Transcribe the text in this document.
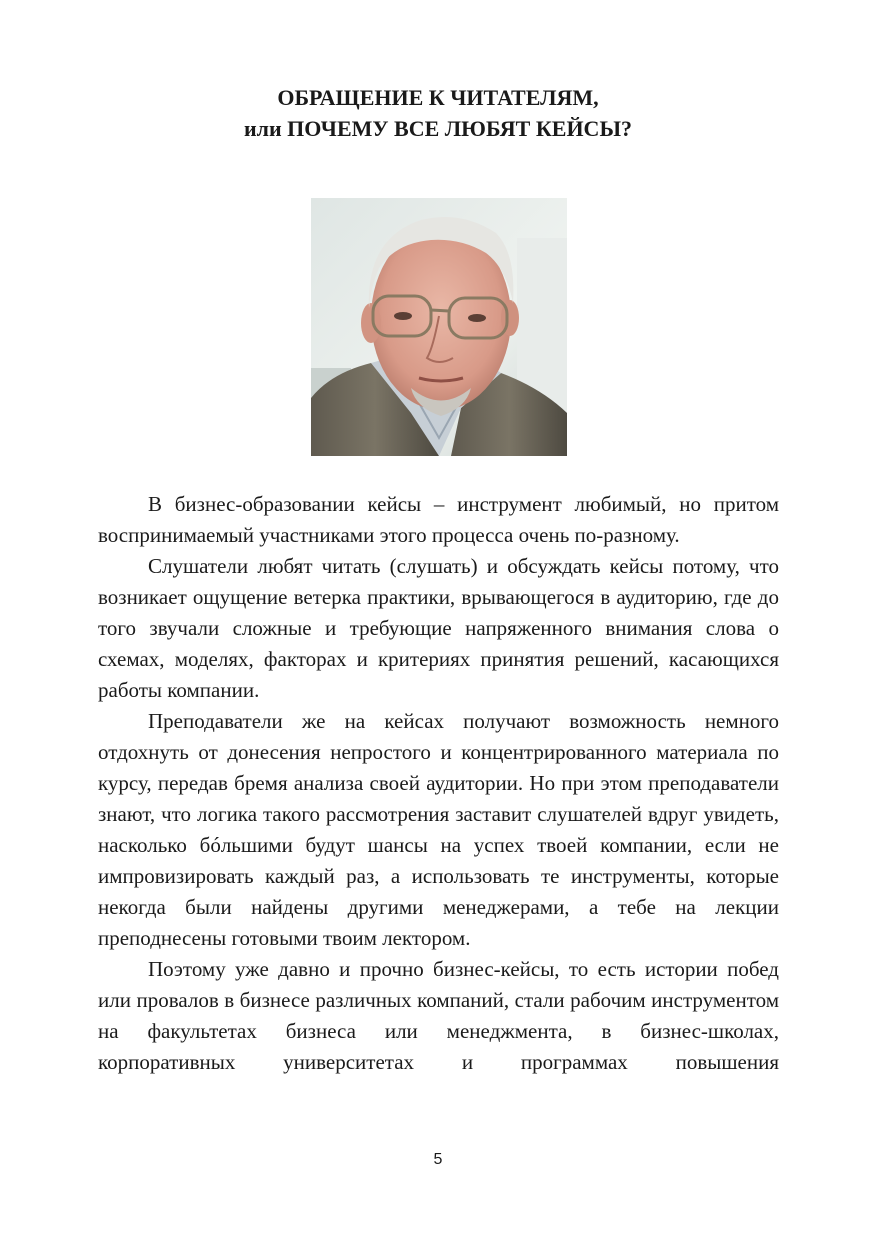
ОБРАЩЕНИЕ К ЧИТАТЕЛЯМ,
или ПОЧЕМУ ВСЕ ЛЮБЯТ КЕЙСЫ?

В бизнес-образовании кейсы – инструмент любимый, но притом воспринимаемый участниками этого процесса очень по-разному.

Слушатели любят читать (слушать) и обсуждать кейсы потому, что возникает ощущение ветерка практики, врывающегося в аудиторию, где до того звучали сложные и требующие напряженного внимания слова о схемах, моделях, факторах и критериях принятия решений, касающихся работы компании.

Преподаватели же на кейсах получают возможность немного отдохнуть от донесения непростого и концентрированного материала по курсу, передав бремя анализа своей аудитории. Но при этом преподаватели знают, что логика такого рассмотрения заставит слушателей вдруг увидеть, насколько бóльшими будут шансы на успех твоей компании, если не импровизировать каждый раз, а использовать те инструменты, которые некогда были найдены другими менеджерами, а тебе на лекции преподнесены готовыми твоим лектором.

Поэтому уже давно и прочно бизнес-кейсы, то есть истории побед или провалов в бизнесе различных компаний, стали рабочим инструментом на факультетах бизнеса или менеджмента, в бизнес-школах, корпоративных университетах и программах повышения

5
